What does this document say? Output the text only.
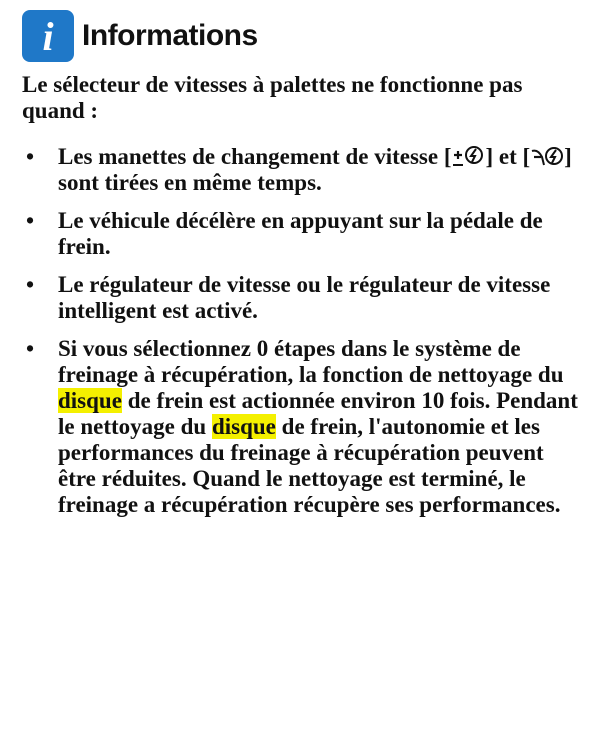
i Informations

Le sélecteur de vitesses à palettes ne fonctionne pas quand :

• Les manettes de changement de vitesse [ ] et [ ] sont tirées en même temps.
• Le véhicule décélère en appuyant sur la pédale de frein.
• Le régulateur de vitesse ou le régulateur de vitesse intelligent est activé.
• Si vous sélectionnez 0 étapes dans le système de freinage à récupération, la fonction de nettoyage du disque de frein est actionnée environ 10 fois. Pendant le nettoyage du disque de frein, l'autonomie et les performances du freinage à récupération peuvent être réduites. Quand le nettoyage est terminé, le freinage a récupération récupère ses performances.
